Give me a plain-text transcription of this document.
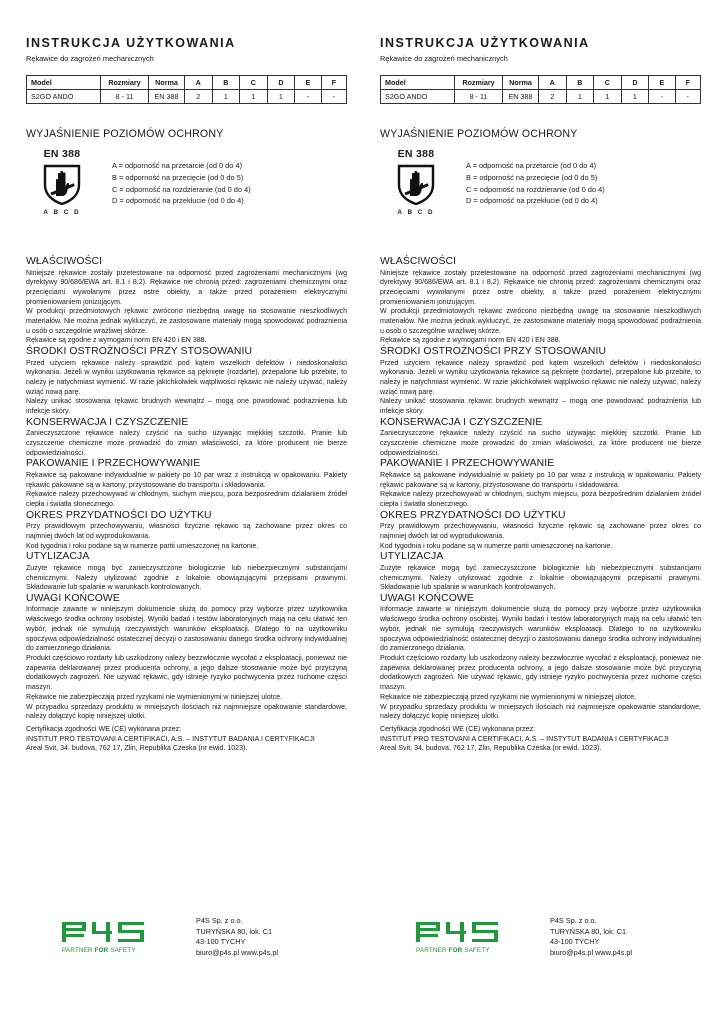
INSTRUKCJA UŻYTKOWANIA
Rękawice do zagrożeń mechanicznych
Model	Rozmiary	Norma	A	B	C	D	E	F
S2GO ANDO	8 - 11	EN 388	2	1	1	1	-	-
WYJAŚNIENIE POZIOMÓW OCHRONY
EN 388
A B C D
A = odporność na przetarcie (od 0 do 4)
B = odporność na przecięcie (od 0 do 5)
C = odporność na rozdzieranie (od 0 do 4)
D = odporność na przekłucie (od 0 do 4)
WŁAŚCIWOŚCI

Niniejsze rękawice zostały przetestowane na odporność przed zagrożeniami mechanicznymi (wg dyrektywy 90/686/EWA art. 8.1 i 8.2). Rękawice nie chronią przed: zagrożeniami chemicznymi oraz przecięciami wywołanymi przez ostre obiekty, a także przed porażeniem elektrycznymi promieniowaniem jonizującym.

W produkcji przedmiotowych rękawic zwrócono niezbędną uwagę na stosowanie nieszkodliwych materiałów. Nie można jednak wykluczyć, że zastosowane materiały mogą spowodować podrażnienia u osób o szczególnie wrażliwej skórze.

Rękawice są zgodne z wymogami norm EN 420 i EN 388.

ŚRODKI OSTROŻNOŚCI PRZY STOSOWANIU

Przed użyciem rękawice należy sprawdzić pod kątem wszelkich defektów i niedoskonałości wykonania. Jeżeli w wyniku użytkowania rękawice są pęknięte (rozdarte), przepalone lub przebite, to należy je natychmiast wymienić. W razie jakichkolwiek wątpliwości rękawic nie należy używać, należy wziąć nową parę.

Należy unikać stosowania rękawic brudnych wewnątrz – mogą one powodować podrażnienia lub infekcje skóry.

KONSERWACJA I CZYSZCZENIE

Zanieczyszczone rękawice należy czyścić na sucho używając miękkiej szczotki. Pranie lub czyszczenie chemiczne może prowadzić do zmian właściwości, za które producent nie bierze odpowiedzialności.

PAKOWANIE I PRZECHOWYWANIE

Rękawice są pakowane indywidualnie w pakiety po 10 par wraz z instrukcją w opakowaniu. Pakiety rękawic pakowane są w kartony, przystosowane do transportu i składowania.

Rękawice należy przechowywać w chłodnym, suchym miejscu, poza bezpośrednim działaniem źródeł ciepła i światła słonecznego.

OKRES PRZYDATNOŚCI DO UŻYTKU

Przy prawidłowym przechowywaniu, własności fizyczne rękawic są zachowane przez okres co najmniej dwóch lat od wyprodukowania.

Kod tygodnia i roku podane są w numerze partii umieszczonej na kartonie.

UTYLIZACJA

Zużyte rękawice mogą być zanieczyszczone biologicznie lub niebezpiecznymi substancjami chemicznymi. Należy utylizować zgodnie z lokalnie obowiązującymi przepisami prawnymi. Składowanie lub spalanie w warunkach kontrolowanych.

UWAGI KOŃCOWE

Informacje zawarte w niniejszym dokumencie służą do pomocy przy wyborze przez użytkownika właściwego środka ochrony osobistej. Wyniki badań i testów laboratoryjnych mają na celu ułatwić ten wybór, jednak nie symulują rzeczywistych warunków eksploatacji. Dlatego to na użytkowniku spoczywa odpowiedzialność ostatecznej decyzji o zastosowaniu danego środka ochrony indywidualnej do zamierzonego działania.

Produkt częściowo rozdarty lub uszkodzony należy bezzwłocznie wycofać z eksploatacji, ponieważ nie zapewnia deklarowanej przez producenta ochrony, a jego dalsze stosowanie może być przyczyną dodatkowych zagrożeń. Nie używać rękawic, gdy istnieje ryzyko pochwycenia przez ruchome części maszyn.

Rękawice nie zabezpieczają przed ryzykami nie wymienionymi w niniejszej ulotce.

W przypadku sprzedaży produktu w mniejszych ilościach niż najmniejsze opakowanie standardowe, należy dołączyć kopię niniejszej ulotki.

Certyfikacja zgodności WE (CE) wykonana przez:

INSTITUT PRO TESTOVANI A CERTIFIKACI, A.S. – INSTYTUT BADANIA I CERTYFIKACJI

Areal Svit, 34. budova, 762 17, Zlin, Republika Czeska (nr ewid. 1023).

INSTRUKCJA UŻYTKOWANIA
Rękawice do zagrożeń mechanicznych
Model	Rozmiary	Norma	A	B	C	D	E	F
S2GO ANDO	8 - 11	EN 388	2	1	1	1	-	-
WYJAŚNIENIE POZIOMÓW OCHRONY
EN 388
A B C D
A = odporność na przetarcie (od 0 do 4)
B = odporność na przecięcie (od 0 do 5)
C = odporność na rozdzieranie (od 0 do 4)
D = odporność na przekłucie (od 0 do 4)
WŁAŚCIWOŚCI

Niniejsze rękawice zostały przetestowane na odporność przed zagrożeniami mechanicznymi (wg dyrektywy 90/686/EWA art. 8.1 i 8.2). Rękawice nie chronią przed: zagrożeniami chemicznymi oraz przecięciami wywołanymi przez ostre obiekty, a także przed porażeniem elektrycznymi promieniowaniem jonizującym.

W produkcji przedmiotowych rękawic zwrócono niezbędną uwagę na stosowanie nieszkodliwych materiałów. Nie można jednak wykluczyć, że zastosowane materiały mogą spowodować podrażnienia u osób o szczególnie wrażliwej skórze.

Rękawice są zgodne z wymogami norm EN 420 i EN 388.

ŚRODKI OSTROŻNOŚCI PRZY STOSOWANIU

Przed użyciem rękawice należy sprawdzić pod kątem wszelkich defektów i niedoskonałości wykonania. Jeżeli w wyniku użytkowania rękawice są pęknięte (rozdarte), przepalone lub przebite, to należy je natychmiast wymienić. W razie jakichkolwiek wątpliwości rękawic nie należy używać, należy wziąć nową parę.

Należy unikać stosowania rękawic brudnych wewnątrz – mogą one powodować podrażnienia lub infekcje skóry.

KONSERWACJA I CZYSZCZENIE

Zanieczyszczone rękawice należy czyścić na sucho używając miękkiej szczotki. Pranie lub czyszczenie chemiczne może prowadzić do zmian właściwości, za które producent nie bierze odpowiedzialności.

PAKOWANIE I PRZECHOWYWANIE

Rękawice są pakowane indywidualnie w pakiety po 10 par wraz z instrukcją w opakowaniu. Pakiety rękawic pakowane są w kartony, przystosowane do transportu i składowania.

Rękawice należy przechowywać w chłodnym, suchym miejscu, poza bezpośrednim działaniem źródeł ciepła i światła słonecznego.

OKRES PRZYDATNOŚCI DO UŻYTKU

Przy prawidłowym przechowywaniu, własności fizyczne rękawic są zachowane przez okres co najmniej dwóch lat od wyprodukowania.

Kod tygodnia i roku podane są w numerze partii umieszczonej na kartonie.

UTYLIZACJA

Zużyte rękawice mogą być zanieczyszczone biologicznie lub niebezpiecznymi substancjami chemicznymi. Należy utylizować zgodnie z lokalnie obowiązującymi przepisami prawnymi. Składowanie lub spalanie w warunkach kontrolowanych.

UWAGI KOŃCOWE

Informacje zawarte w niniejszym dokumencie służą do pomocy przy wyborze przez użytkownika właściwego środka ochrony osobistej. Wyniki badań i testów laboratoryjnych mają na celu ułatwić ten wybór, jednak nie symulują rzeczywistych warunków eksploatacji. Dlatego to na użytkowniku spoczywa odpowiedzialność ostatecznej decyzji o zastosowaniu danego środka ochrony indywidualnej do zamierzonego działania.

Produkt częściowo rozdarty lub uszkodzony należy bezzwłocznie wycofać z eksploatacji, ponieważ nie zapewnia deklarowanej przez producenta ochrony, a jego dalsze stosowanie może być przyczyną dodatkowych zagrożeń. Nie używać rękawic, gdy istnieje ryzyko pochwycenia przez ruchome części maszyn.

Rękawice nie zabezpieczają przed ryzykami nie wymienionymi w niniejszej ulotce.

W przypadku sprzedaży produktu w mniejszych ilościach niż najmniejsze opakowanie standardowe, należy dołączyć kopię niniejszej ulotki.

Certyfikacja zgodności WE (CE) wykonana przez:

INSTITUT PRO TESTOVANI A CERTIFIKACI, A.S. – INSTYTUT BADANIA I CERTYFIKACJI

Areal Svit, 34. budova, 762 17, Zlin, Republika Czeska (nr ewid. 1023).

PARTNER FOR SAFETY
P4S Sp. z o.o.
TURYŃSKA 80, lok. C1
43-100 TYCHY
biuro@p4s.pl www.p4s.pl	PARTNER FOR SAFETY
P4S Sp. z o.o.
TURYŃSKA 80, lok. C1
43-100 TYCHY
biuro@p4s.pl www.p4s.pl
